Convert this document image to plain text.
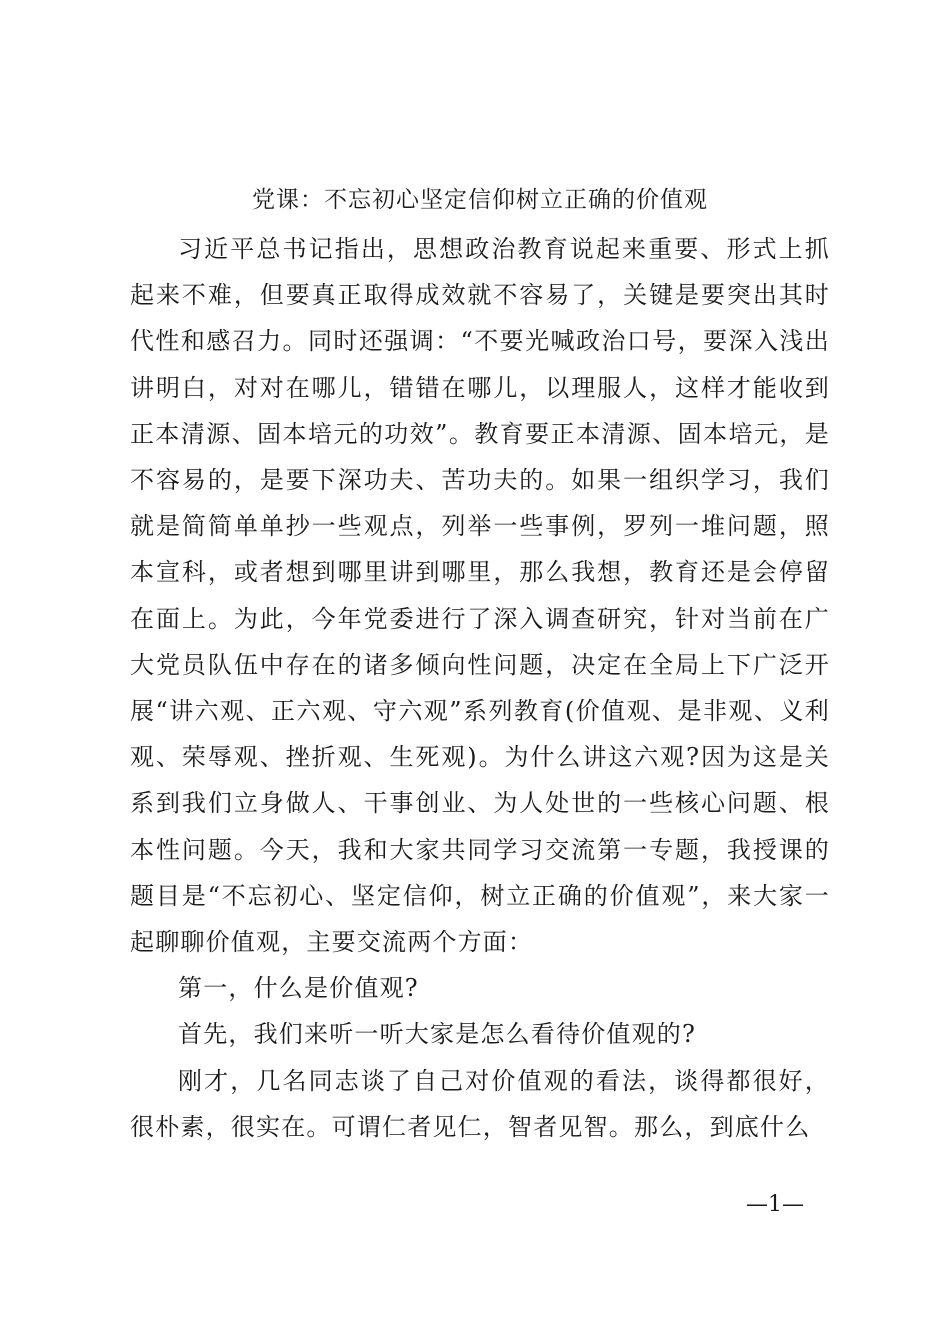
党课：不忘初心坚定信仰树立正确的价值观

习近平总书记指出，思想政治教育说起来重要、形式上抓起来不难，但要真正取得成效就不容易了，关键是要突出其时代性和感召力。同时还强调：“不要光喊政治口号，要深入浅出讲明白，对对在哪儿，错错在哪儿，以理服人，这样才能收到正本清源、固本培元的功效”。教育要正本清源、固本培元，是不容易的，是要下深功夫、苦功夫的。如果一组织学习，我们就是简简单单抄一些观点，列举一些事例，罗列一堆问题，照本宣科，或者想到哪里讲到哪里，那么我想，教育还是会停留在面上。为此，今年党委进行了深入调查研究，针对当前在广大党员队伍中存在的诸多倾向性问题，决定在全局上下广泛开展“讲六观、正六观、守六观”系列教育(价值观、是非观、义利观、荣辱观、挫折观、生死观)。为什么讲这六观?因为这是关系到我们立身做人、干事创业、为人处世的一些核心问题、根本性问题。今天，我和大家共同学习交流第一专题，我授课的题目是“不忘初心、坚定信仰，树立正确的价值观”，来大家一起聊聊价值观，主要交流两个方面：

第一，什么是价值观?

首先，我们来听一听大家是怎么看待价值观的?

刚才，几名同志谈了自己对价值观的看法，谈得都很好，很朴素，很实在。可谓仁者见仁，智者见智。那么，到底什么

—1—
